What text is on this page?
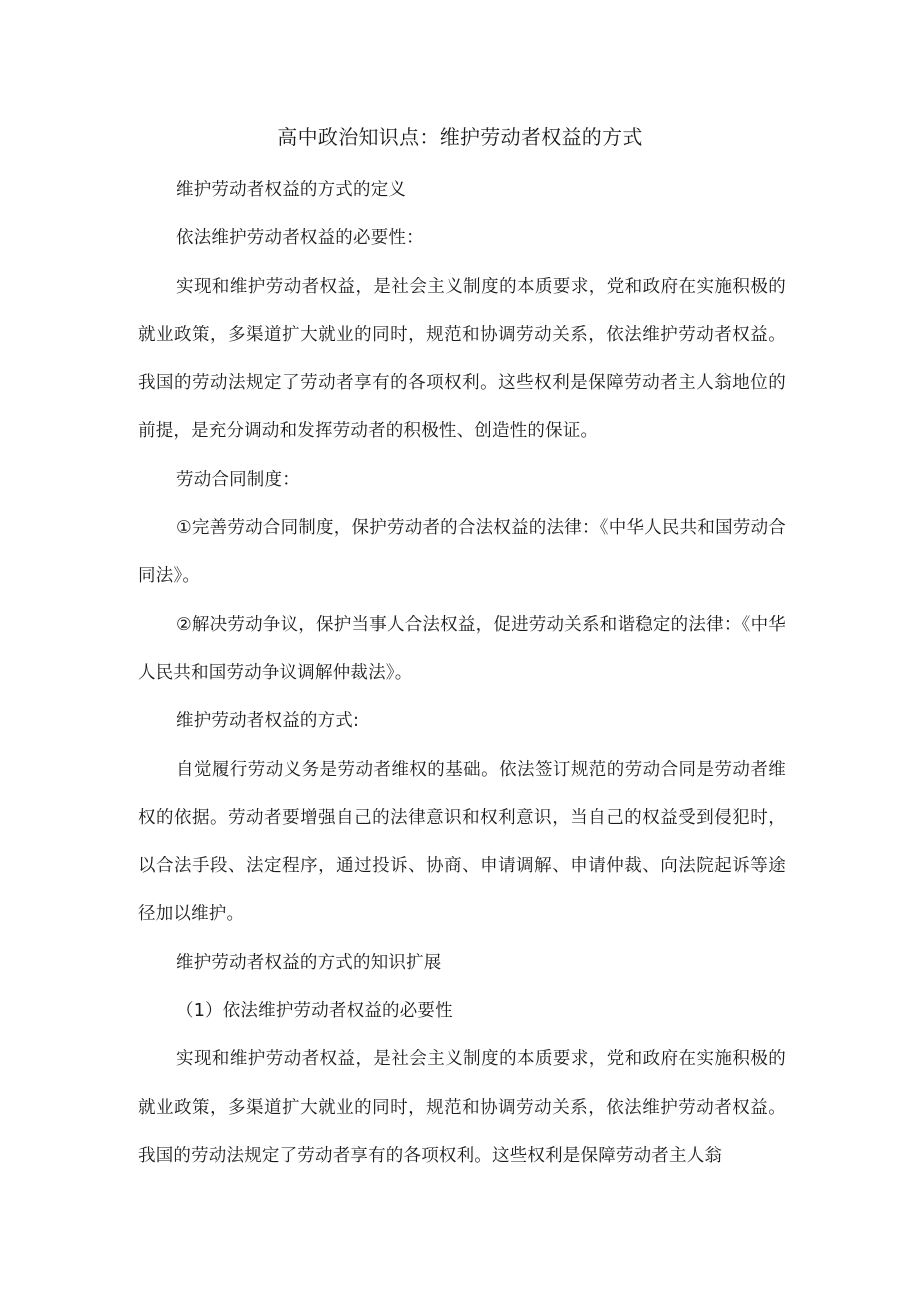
高中政治知识点：维护劳动者权益的方式

维护劳动者权益的方式的定义

依法维护劳动者权益的必要性：

实现和维护劳动者权益，是社会主义制度的本质要求，党和政府在实施积极的就业政策，多渠道扩大就业的同时，规范和协调劳动关系，依法维护劳动者权益。我国的劳动法规定了劳动者享有的各项权利。这些权利是保障劳动者主人翁地位的前提，是充分调动和发挥劳动者的积极性、创造性的保证。

劳动合同制度：

①完善劳动合同制度，保护劳动者的合法权益的法律：《中华人民共和国劳动合同法》。

②解决劳动争议，保护当事人合法权益，促进劳动关系和谐稳定的法律：《中华人民共和国劳动争议调解仲裁法》。

维护劳动者权益的方式:

自觉履行劳动义务是劳动者维权的基础。依法签订规范的劳动合同是劳动者维权的依据。劳动者要增强自己的法律意识和权利意识，当自己的权益受到侵犯时，以合法手段、法定程序，通过投诉、协商、申请调解、申请仲裁、向法院起诉等途径加以维护。

维护劳动者权益的方式的知识扩展

（1）依法维护劳动者权益的必要性

实现和维护劳动者权益，是社会主义制度的本质要求，党和政府在实施积极的就业政策，多渠道扩大就业的同时，规范和协调劳动关系，依法维护劳动者权益。我国的劳动法规定了劳动者享有的各项权利。这些权利是保障劳动者主人翁
